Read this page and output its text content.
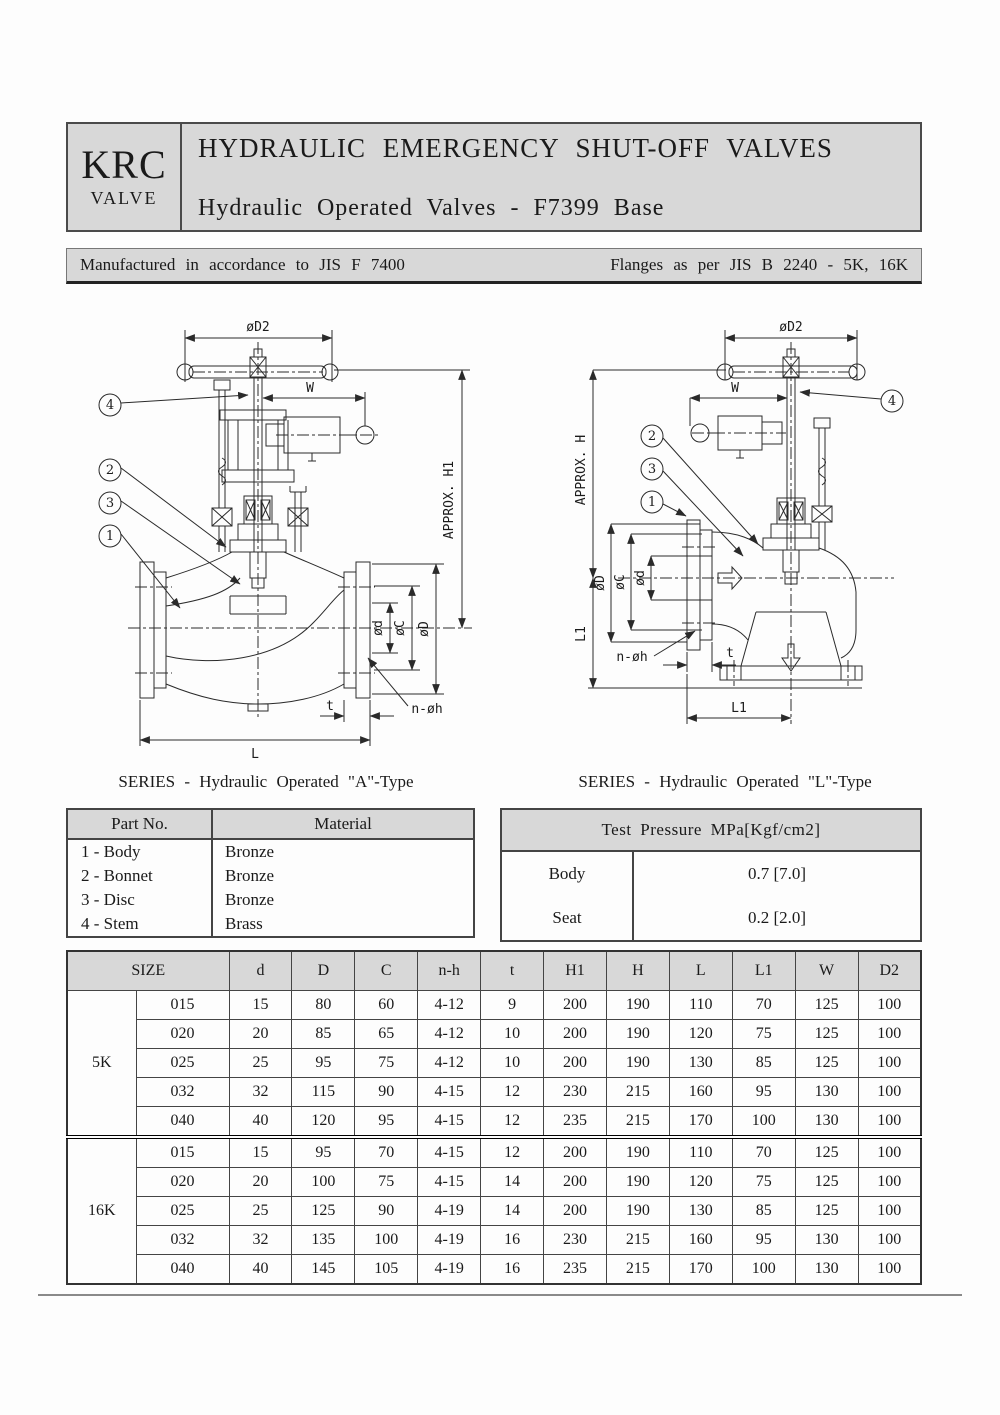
KRC
VALVE
HYDRAULIC EMERGENCY SHUT-OFF VALVES
Hydraulic Operated Valves - F7399 Base
Manufactured in accordance to JIS F 7400	Flanges as per JIS B 2240 - 5K, 16K
øD2
W
4
ød øC øD
APPROX. H1
t	n-øh
L
2
3
1
APPROX. H
L1
øD2
W
4
øD øC ød
n-øh	t
L1
2
3
1
SERIES - Hydraulic Operated "A"-Type	SERIES - Hydraulic Operated "L"-Type
Part No.	Material
1 - Body	Bronze
2 - Bonnet	Bronze
3 - Disc	Bronze
4 - Stem	Brass
Test Pressure MPa[Kgf/cm2]	
Body	0.7 [7.0]
Seat	0.2 [2.0]
SIZE		d	D	C	n-h	t	H1	H	L	L1	W	D2
5K	015	15	80	60	4-12	9	200	190	110	70	125	100
	020	20	85	65	4-12	10	200	190	120	75	125	100
	025	25	95	75	4-12	10	200	190	130	85	125	100
	032	32	115	90	4-15	12	230	215	160	95	130	100
	040	40	120	95	4-15	12	235	215	170	100	130	100
16K	015	15	95	70	4-15	12	200	190	110	70	125	100
	020	20	100	75	4-15	14	200	190	120	75	125	100
	025	25	125	90	4-19	14	200	190	130	85	125	100
	032	32	135	100	4-19	16	230	215	160	95	130	100
	040	40	145	105	4-19	16	235	215	170	100	130	100
